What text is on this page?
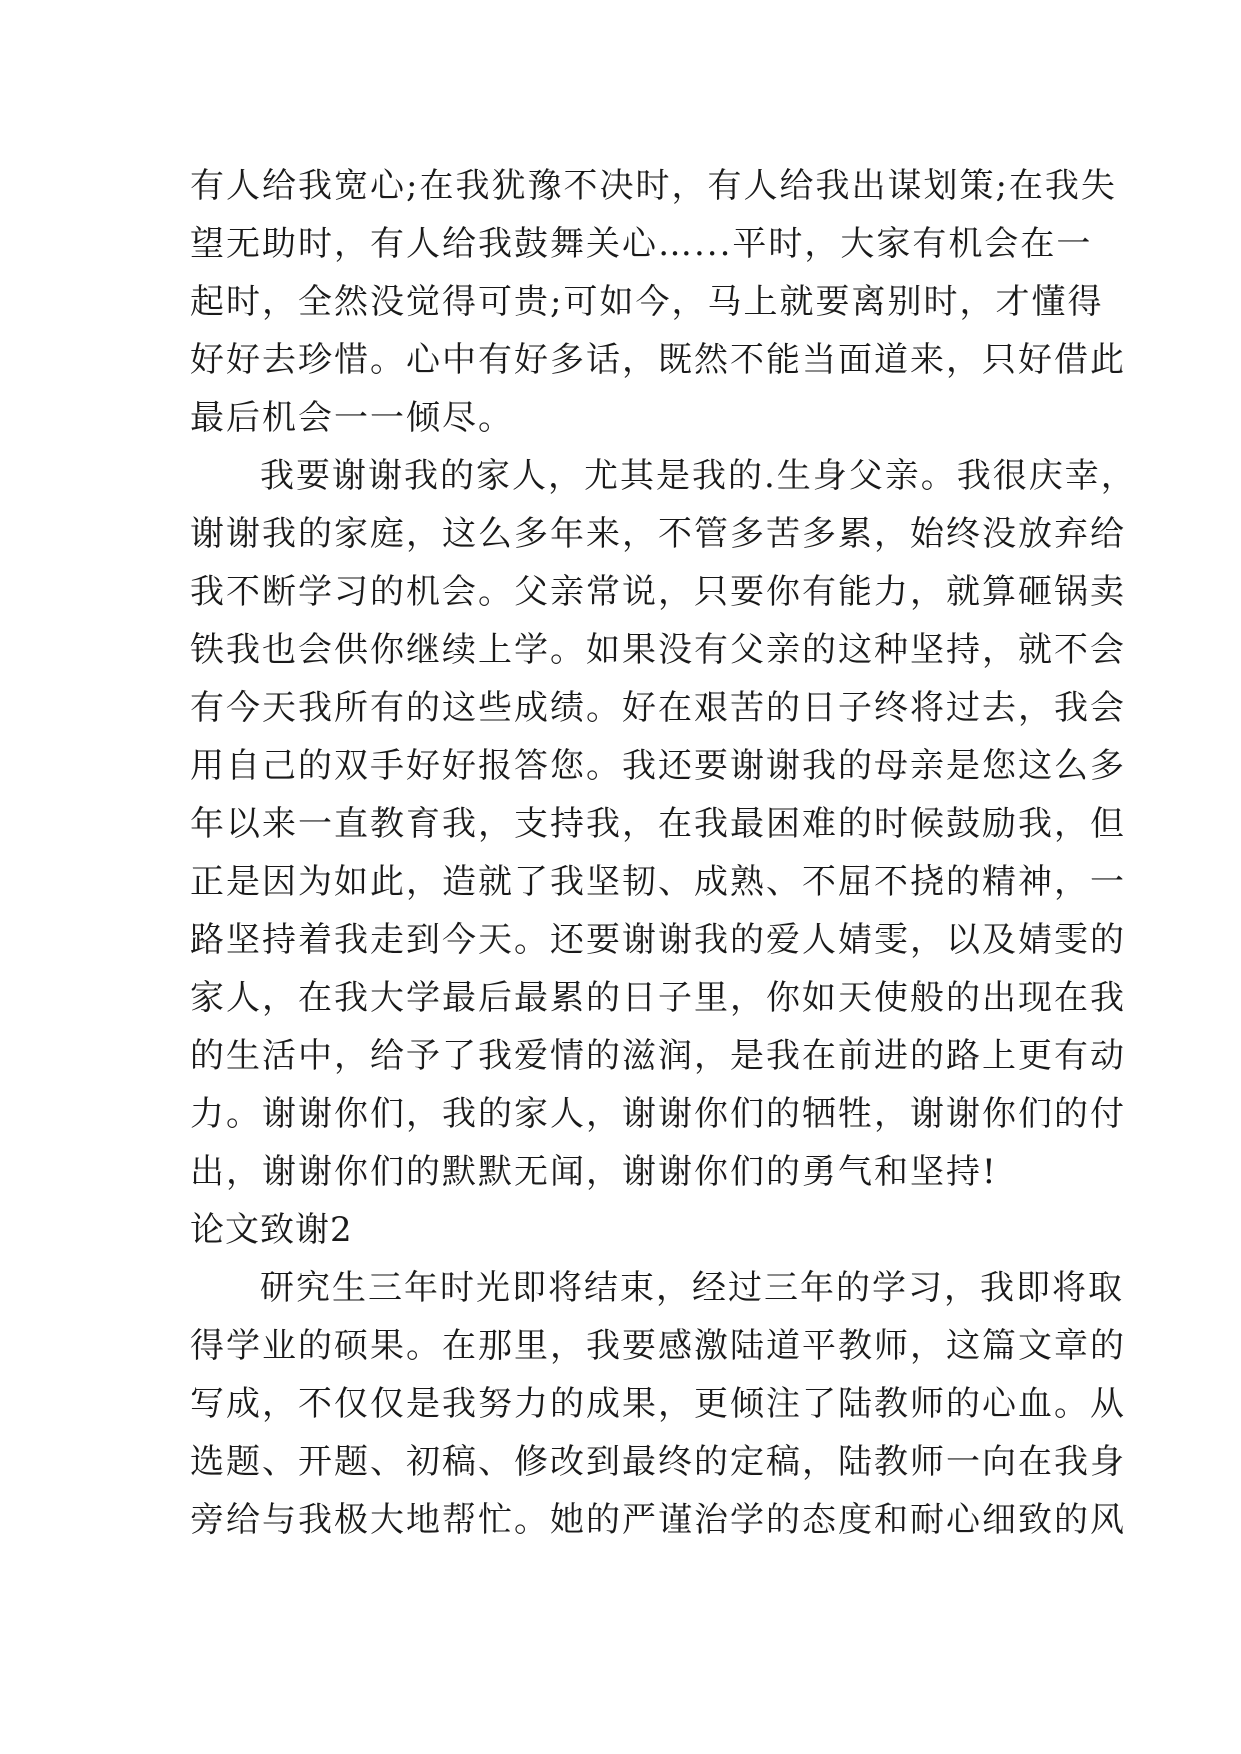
有人给我宽心;在我犹豫不决时，有人给我出谋划策;在我失
望无助时，有人给我鼓舞关心…...平时，大家有机会在一
起时，全然没觉得可贵;可如今，马上就要离别时，才懂得
好好去珍惜。心中有好多话，既然不能当面道来，只好借此
最后机会一一倾尽。
我要谢谢我的家人，尤其是我的.生身父亲。我很庆幸，
谢谢我的家庭，这么多年来，不管多苦多累，始终没放弃给
我不断学习的机会。父亲常说，只要你有能力，就算砸锅卖
铁我也会供你继续上学。如果没有父亲的这种坚持，就不会
有今天我所有的这些成绩。好在艰苦的日子终将过去，我会
用自己的双手好好报答您。我还要谢谢我的母亲是您这么多
年以来一直教育我，支持我，在我最困难的时候鼓励我，但
正是因为如此，造就了我坚韧、成熟、不屈不挠的精神，一
路坚持着我走到今天。还要谢谢我的爱人婧雯，以及婧雯的
家人，在我大学最后最累的日子里，你如天使般的出现在我
的生活中，给予了我爱情的滋润，是我在前进的路上更有动
力。谢谢你们，我的家人，谢谢你们的牺牲，谢谢你们的付
出，谢谢你们的默默无闻，谢谢你们的勇气和坚持!
论文致谢2
研究生三年时光即将结束，经过三年的学习，我即将取
得学业的硕果。在那里，我要感激陆道平教师，这篇文章的
写成，不仅仅是我努力的成果，更倾注了陆教师的心血。从
选题、开题、初稿、修改到最终的定稿，陆教师一向在我身
旁给与我极大地帮忙。她的严谨治学的态度和耐心细致的风
